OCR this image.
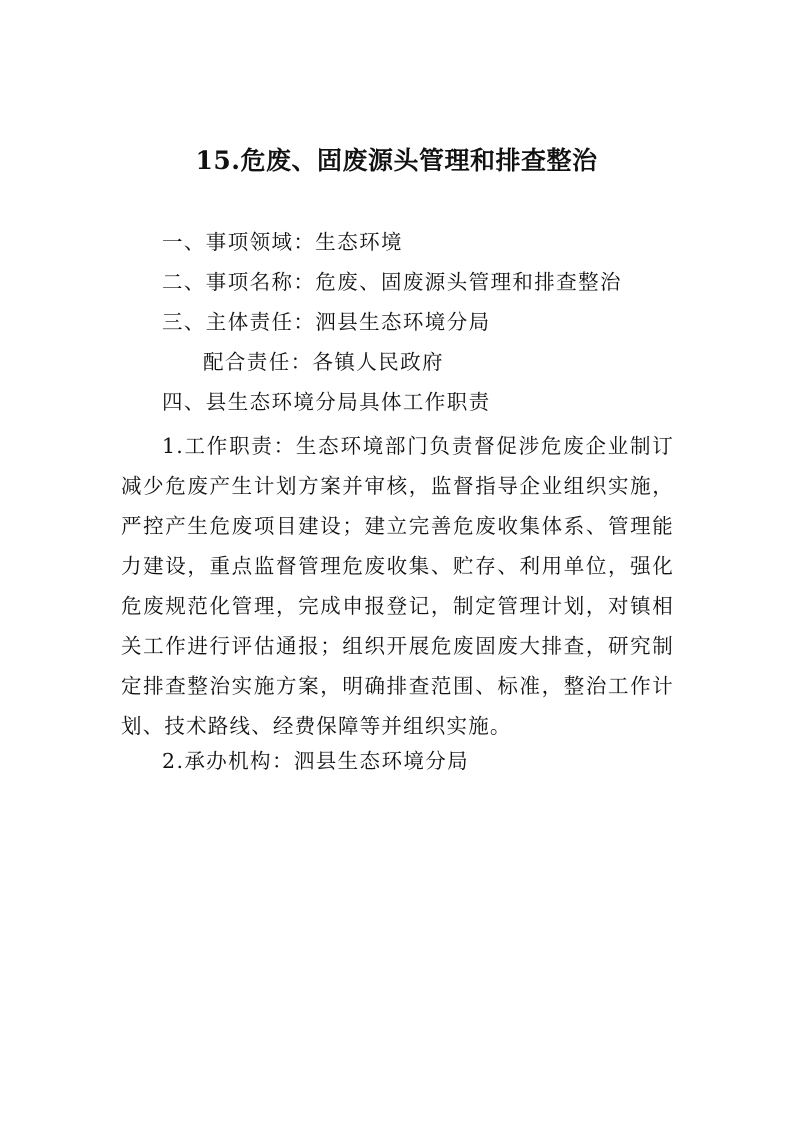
15.危废、固废源头管理和排查整治
一、事项领域：生态环境
二、事项名称：危废、固废源头管理和排查整治
三、主体责任：泗县生态环境分局
配合责任：各镇人民政府
四、县生态环境分局具体工作职责

1.工作职责：生态环境部门负责督促涉危废企业制订减少危废产生计划方案并审核，监督指导企业组织实施，严控产生危废项目建设；建立完善危废收集体系、管理能力建设，重点监督管理危废收集、贮存、利用单位，强化危废规范化管理，完成申报登记，制定管理计划，对镇相关工作进行评估通报；组织开展危废固废大排查，研究制定排查整治实施方案，明确排查范围、标准，整治工作计划、技术路线、经费保障等并组织实施。

2.承办机构：泗县生态环境分局
